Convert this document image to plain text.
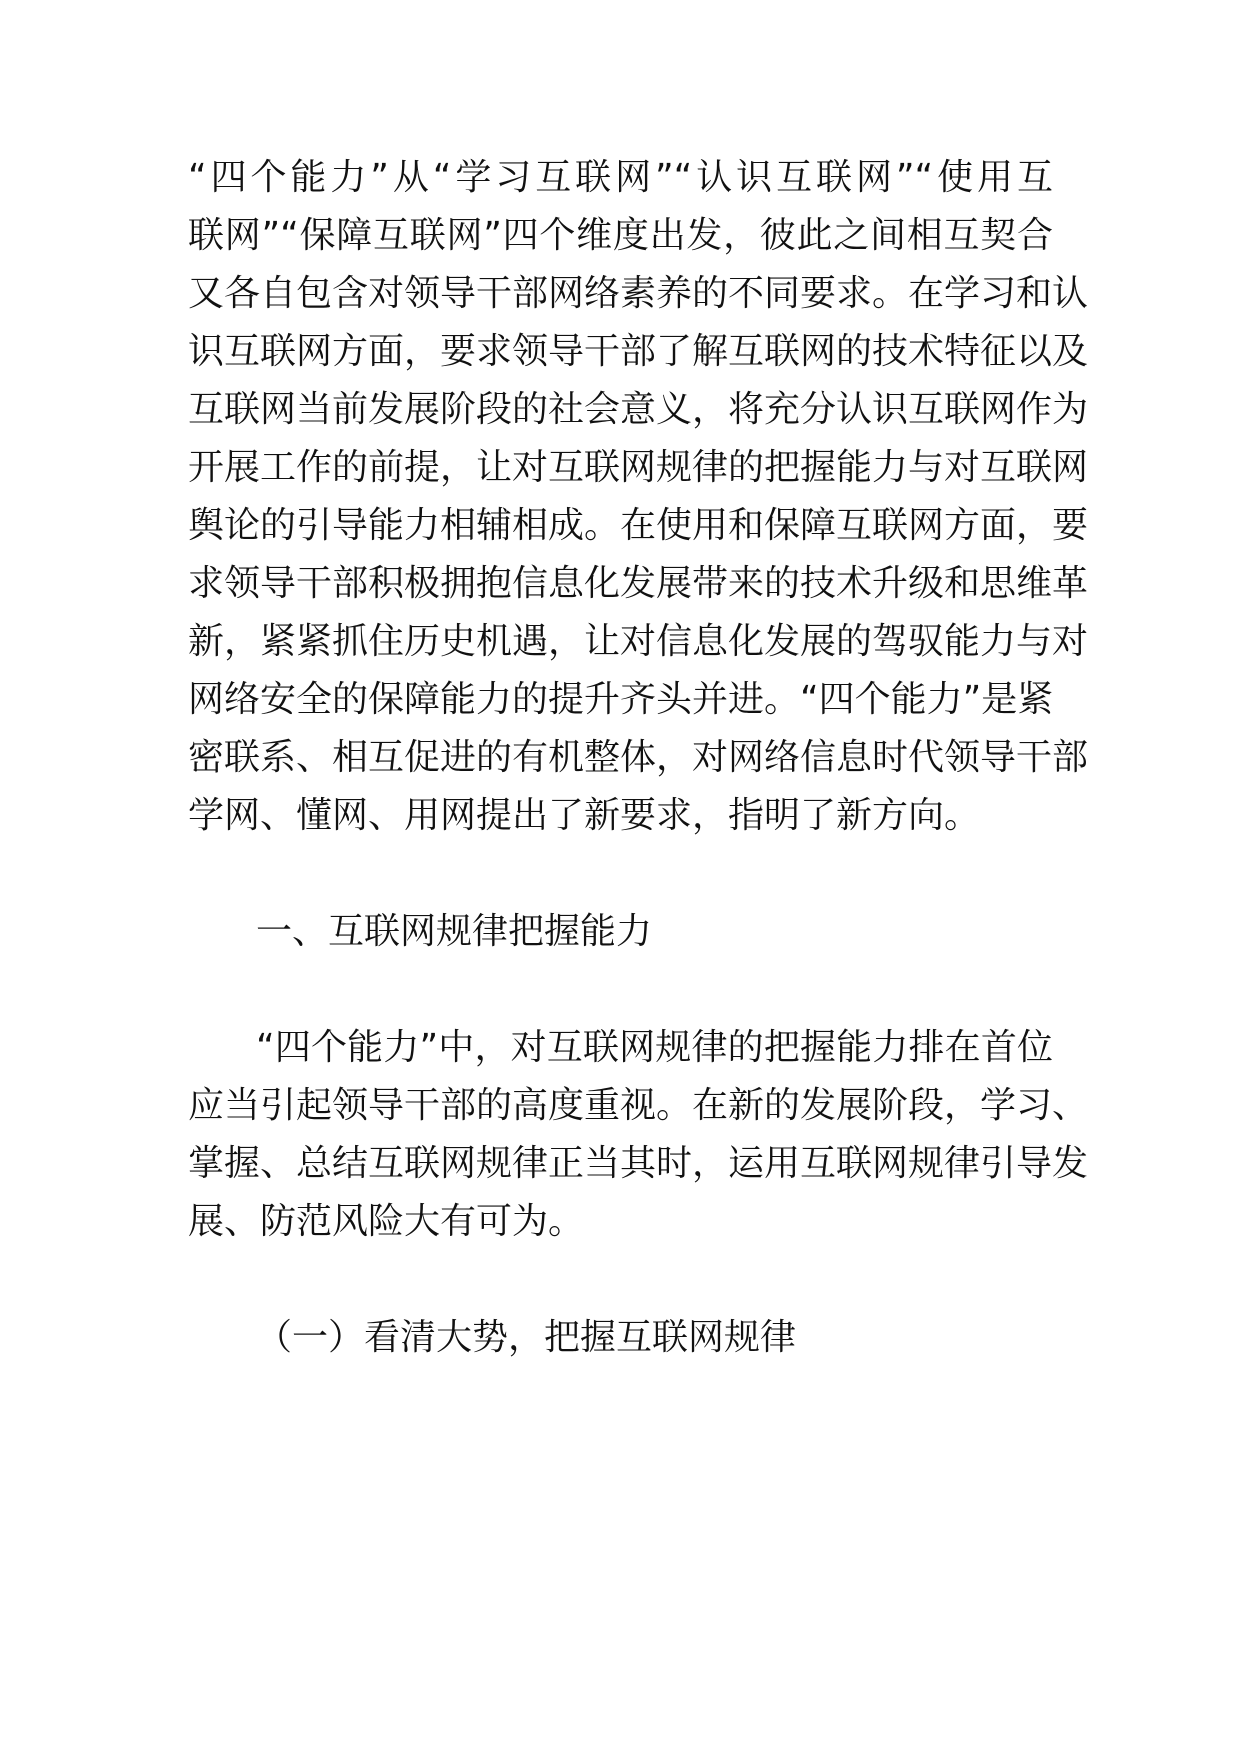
“四个能力”从“学习互联网”“认识互联网”“使用互

联网”“保障互联网”四个维度出发，彼此之间相互契合

又各自包含对领导干部网络素养的不同要求。在学习和认

识互联网方面，要求领导干部了解互联网的技术特征以及

互联网当前发展阶段的社会意义，将充分认识互联网作为

开展工作的前提，让对互联网规律的把握能力与对互联网

舆论的引导能力相辅相成。在使用和保障互联网方面，要

求领导干部积极拥抱信息化发展带来的技术升级和思维革

新，紧紧抓住历史机遇，让对信息化发展的驾驭能力与对

网络安全的保障能力的提升齐头并进。“四个能力”是紧

密联系、相互促进的有机整体，对网络信息时代领导干部

学网、懂网、用网提出了新要求，指明了新方向。

一、互联网规律把握能力

“四个能力”中，对互联网规律的把握能力排在首位

应当引起领导干部的高度重视。在新的发展阶段，学习、

掌握、总结互联网规律正当其时，运用互联网规律引导发

展、防范风险大有可为。

（一）看清大势，把握互联网规律
